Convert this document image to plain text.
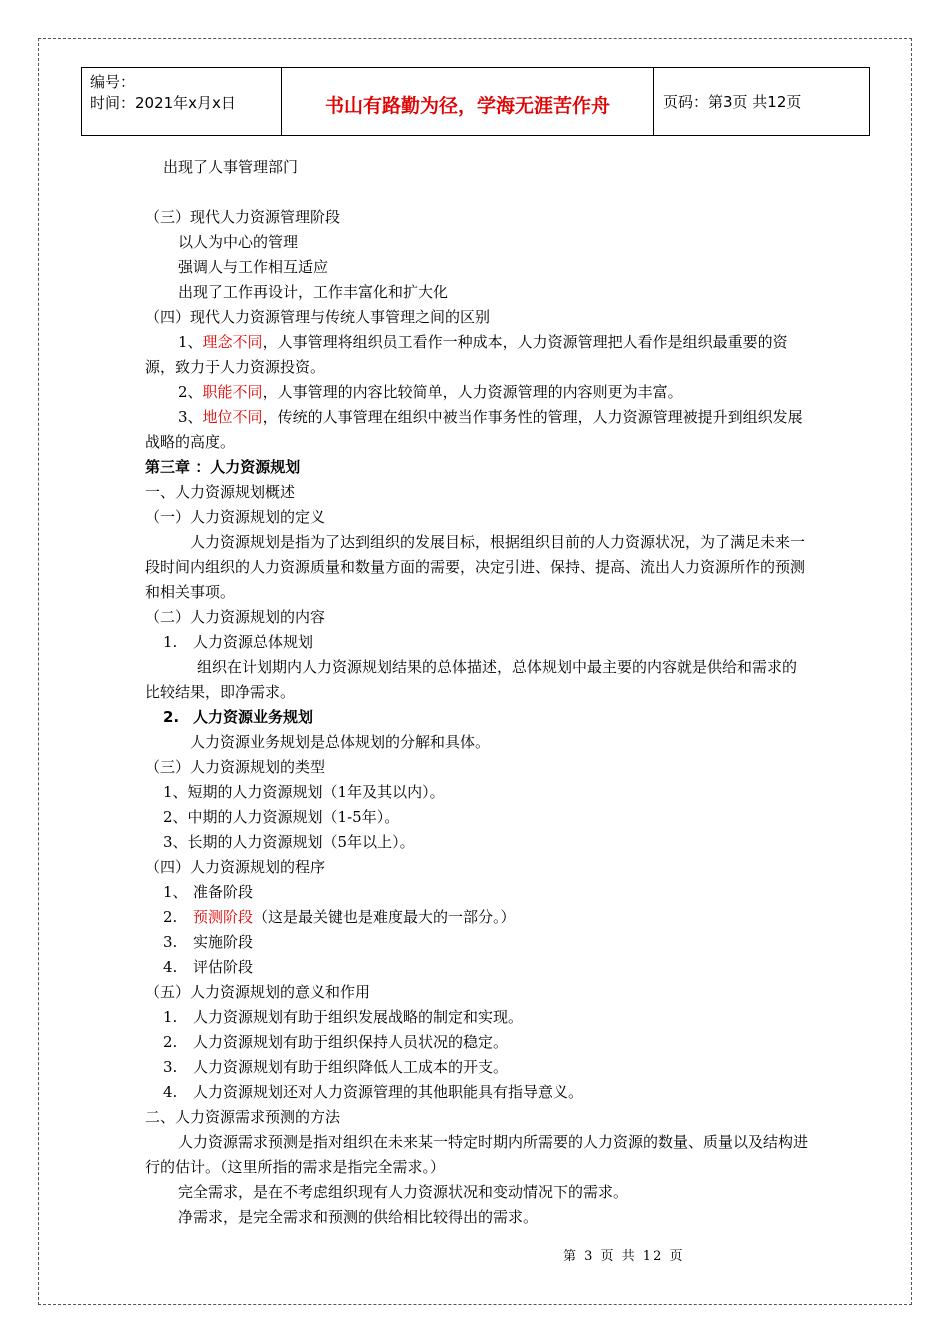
编号：
时间：2021年x月x日	书山有路勤为径，学海无涯苦作舟	页码：第3页 共12页

出现了人事管理部门

（三）现代人力资源管理阶段

以人为中心的管理

强调人与工作相互适应

出现了工作再设计，工作丰富化和扩大化

（四）现代人力资源管理与传统人事管理之间的区别

1、理念不同，人事管理将组织员工看作一种成本，人力资源管理把人看作是组织最重要的资源，致力于人力资源投资。

2、职能不同，人事管理的内容比较简单，人力资源管理的内容则更为丰富。

3、地位不同，传统的人事管理在组织中被当作事务性的管理，人力资源管理被提升到组织发展战略的高度。

第三章 ：人力资源规划

一、人力资源规划概述

（一）人力资源规划的定义

人力资源规划是指为了达到组织的发展目标，根据组织目前的人力资源状况，为了满足未来一段时间内组织的人力资源质量和数量方面的需要，决定引进、保持、提高、流出人力资源所作的预测和相关事项。

（二）人力资源规划的内容

1. 人力资源总体规划

组织在计划期内人力资源规划结果的总体描述，总体规划中最主要的内容就是供给和需求的比较结果，即净需求。

2. 人力资源业务规划

人力资源业务规划是总体规划的分解和具体。

（三）人力资源规划的类型

1、短期的人力资源规划（1年及其以内）。

2、中期的人力资源规划（1-5年）。

3、长期的人力资源规划（5年以上）。

（四）人力资源规划的程序

1、 准备阶段

2. 预测阶段（这是最关键也是难度最大的一部分。）

3. 实施阶段

4. 评估阶段

（五）人力资源规划的意义和作用

1. 人力资源规划有助于组织发展战略的制定和实现。

2. 人力资源规划有助于组织保持人员状况的稳定。

3. 人力资源规划有助于组织降低人工成本的开支。

4. 人力资源规划还对人力资源管理的其他职能具有指导意义。

二、人力资源需求预测的方法

人力资源需求预测是指对组织在未来某一特定时期内所需要的人力资源的数量、质量以及结构进行的估计。（这里所指的需求是指完全需求。）

完全需求，是在不考虑组织现有人力资源状况和变动情况下的需求。

净需求，是完全需求和预测的供给相比较得出的需求。

第 3 页 共 12 页
